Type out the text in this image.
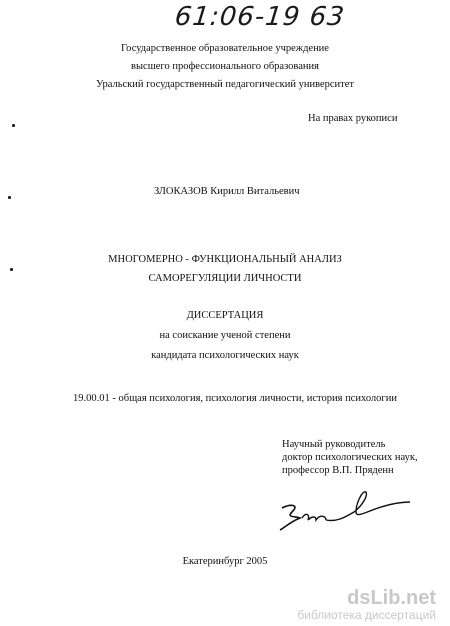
61:06-19 63
Государственное образовательное учреждение
высшего профессионального образования
Уральский государственный педагогический университет
На правах рукописи
ЗЛОКАЗОВ Кирилл Витальевич
МНОГОМЕРНО - ФУНКЦИОНАЛЬНЫЙ АНАЛИЗ
САМОРЕГУЛЯЦИИ ЛИЧНОСТИ
ДИССЕРТАЦИЯ
на соискание ученой степени
кандидата психологических наук
19.00.01 - общая психология, психология личности, история психологии
Научный руководитель
доктор психологических наук,
профессор В.П. Пряденн
Екатеринбург 2005
dsLib.net
библиотека диссертаций
